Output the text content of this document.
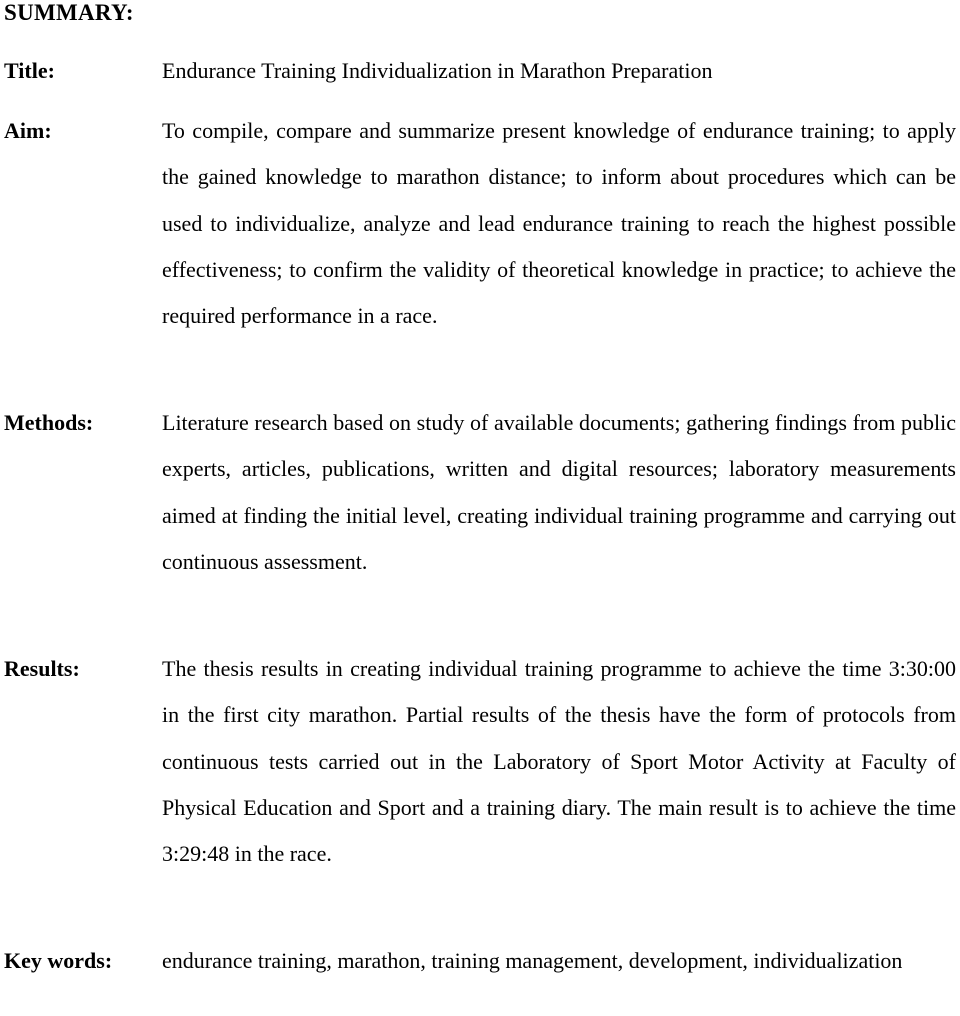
SUMMARY:
Title:	Endurance Training Individualization in Marathon Preparation
Aim:	To compile, compare and summarize present knowledge of endurance training; to apply the gained knowledge to marathon distance; to inform about procedures which can be used to individualize, analyze and lead endurance training to reach the highest possible effectiveness; to confirm the validity of theoretical knowledge in practice; to achieve the required performance in a race.
Methods:	Literature research based on study of available documents; gathering findings from public experts, articles, publications, written and digital resources; laboratory measurements aimed at finding the initial level, creating individual training programme and carrying out continuous assessment.
Results:	The thesis results in creating individual training programme to achieve the time 3:30:00 in the first city marathon. Partial results of the thesis have the form of protocols from continuous tests carried out in the Laboratory of Sport Motor Activity at Faculty of Physical Education and Sport and a training diary. The main result is to achieve the time 3:29:48 in the race.
Key words: endurance training, marathon, training management, development, individualization
